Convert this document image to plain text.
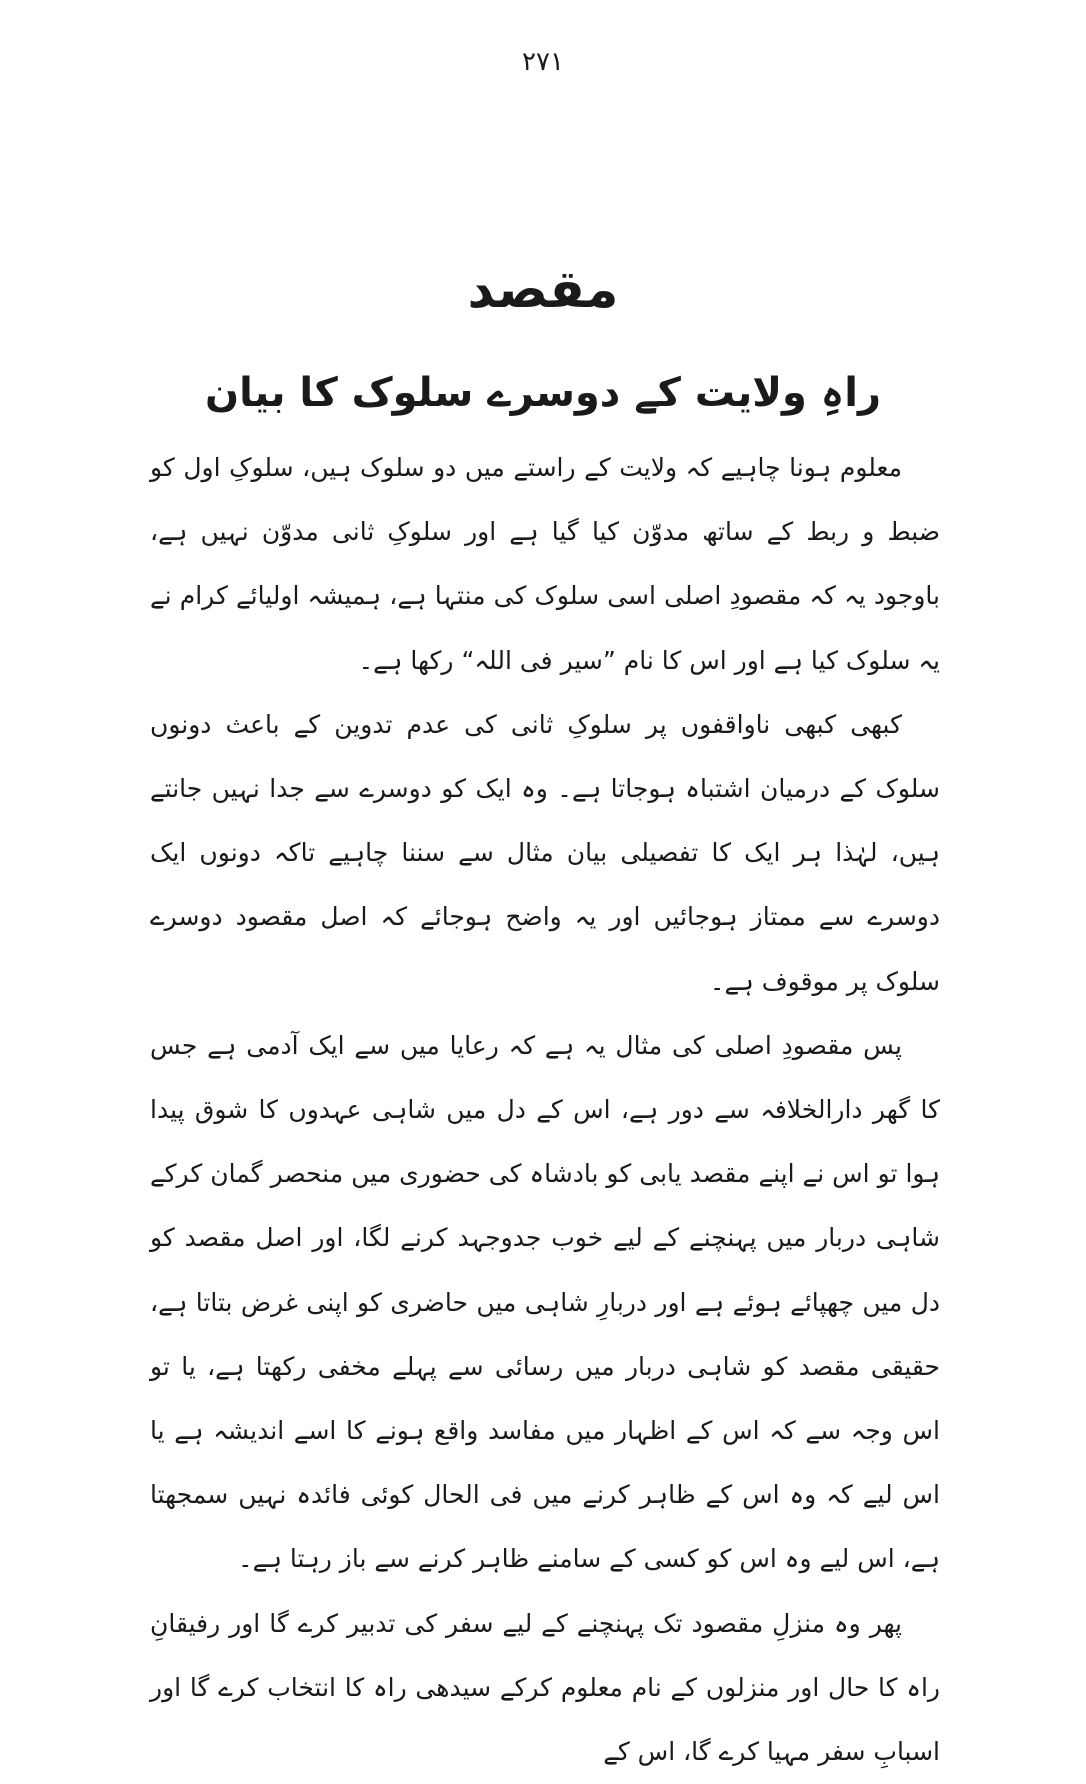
۲۷۱
مقصد
راہِ ولایت کے دوسرے سلوک کا بیان

معلوم ہونا چاہیے کہ ولایت کے راستے میں دو سلوک ہیں، سلوکِ اول کو ضبط و ربط کے ساتھ مدوّن کیا گیا ہے اور سلوکِ ثانی مدوّن نہیں ہے، باوجود یہ کہ مقصودِ اصلی اسی سلوک کی منتہا ہے، ہمیشہ اولیائے کرام نے یہ سلوک کیا ہے اور اس کا نام ”سیر فی اللہ“ رکھا ہے۔

کبھی کبھی ناواقفوں پر سلوکِ ثانی کی عدم تدوین کے باعث دونوں سلوک کے درمیان اشتباہ ہوجاتا ہے۔ وہ ایک کو دوسرے سے جدا نہیں جانتے ہیں، لہٰذا ہر ایک کا تفصیلی بیان مثال سے سننا چاہیے تاکہ دونوں ایک دوسرے سے ممتاز ہوجائیں اور یہ واضح ہوجائے کہ اصل مقصود دوسرے سلوک پر موقوف ہے۔

پس مقصودِ اصلی کی مثال یہ ہے کہ رعایا میں سے ایک آدمی ہے جس کا گھر دارالخلافہ سے دور ہے، اس کے دل میں شاہی عہدوں کا شوق پیدا ہوا تو اس نے اپنے مقصد یابی کو بادشاہ کی حضوری میں منحصر گمان کرکے شاہی دربار میں پہنچنے کے لیے خوب جدوجہد کرنے لگا، اور اصل مقصد کو دل میں چھپائے ہوئے ہے اور دربارِ شاہی میں حاضری کو اپنی غرض بتاتا ہے، حقیقی مقصد کو شاہی دربار میں رسائی سے پہلے مخفی رکھتا ہے، یا تو اس وجہ سے کہ اس کے اظہار میں مفاسد واقع ہونے کا اسے اندیشہ ہے یا اس لیے کہ وہ اس کے ظاہر کرنے میں فی الحال کوئی فائدہ نہیں سمجھتا ہے، اس لیے وہ اس کو کسی کے سامنے ظاہر کرنے سے باز رہتا ہے۔

پھر وہ منزلِ مقصود تک پہنچنے کے لیے سفر کی تدبیر کرے گا اور رفیقانِ راہ کا حال اور منزلوں کے نام معلوم کرکے سیدھی راہ کا انتخاب کرے گا اور اسبابِ سفر مہیا کرے گا، اس کے
